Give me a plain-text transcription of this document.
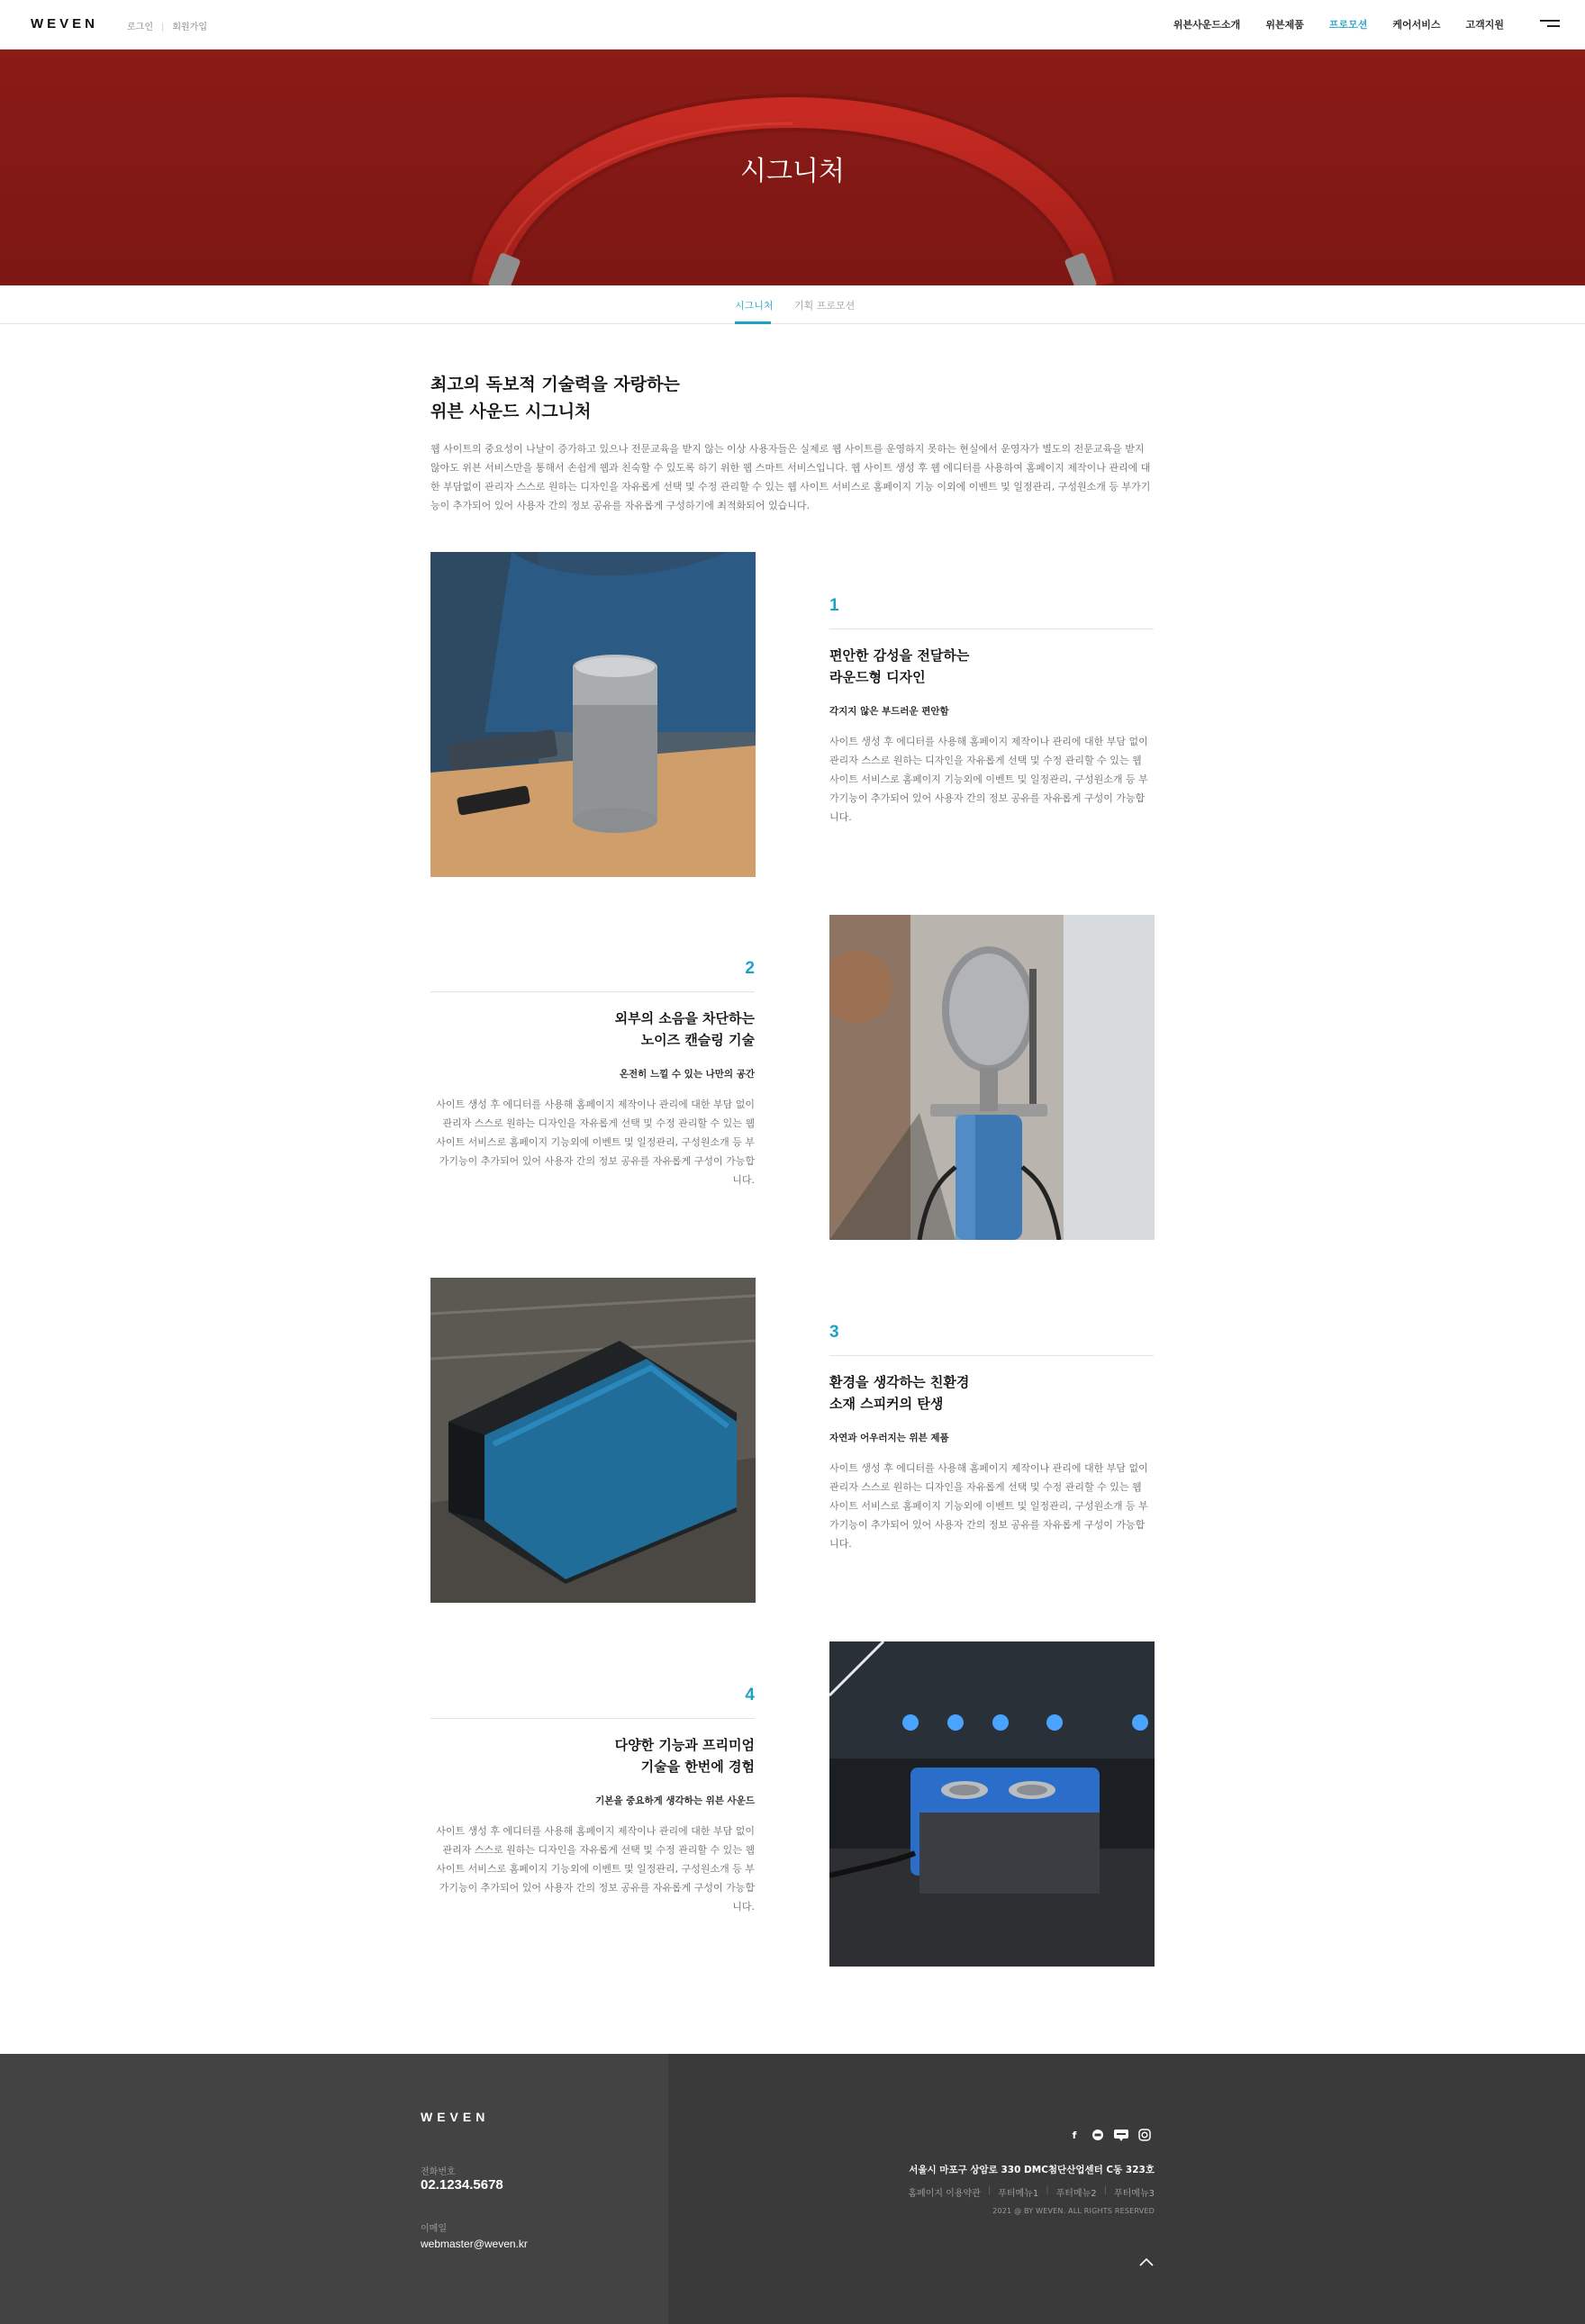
WEVEN	로그인 | 회원가입	위븐사운드소개	위븐제품	프로모션	케어서비스	고객지원
시그니처
시그니처 기획 프로모션
최고의 독보적 기술력을 자랑하는
위븐 사운드 시그니처

웹 사이트의 중요성이 나날이 증가하고 있으나 전문교육을 받지 않는 이상 사용자들은 실제로 웹 사이트를 운영하지 못하는 현실에서 운영자가 별도의 전문교육을 받지 않아도 위븐 서비스만을 통해서 손쉽게 웹과 친숙할 수 있도록 하기 위한 웹 스마트 서비스입니다. 웹 사이트 생성 후 웹 에디터를 사용하여 홈페이지 제작이나 관리에 대한 부담없이 관리자 스스로 원하는 디자인을 자유롭게 선택 및 수정 관리할 수 있는 웹 사이트 서비스로 홈페이지 기능 이외에 이벤트 및 일정관리, 구성원소개 등 부가기능이 추가되어 있어 사용자 간의 정보 공유를 자유롭게 구성하기에 최적화되어 있습니다.

1
편안한 감성을 전달하는
라운드형 디자인
각지지 않은 부드러운 편안함

사이트 생성 후 에디터를 사용해 홈페이지 제작이나 관리에 대한 부담 없이 관리자 스스로 원하는 디자인을 자유롭게 선택 및 수정 관리할 수 있는 웹 사이트 서비스로 홈페이지 기능외에 이벤트 및 일정관리, 구성원소개 등 부가기능이 추가되어 있어 사용자 간의 정보 공유를 자유롭게 구성이 가능합니다.

2
외부의 소음을 차단하는
노이즈 캔슬링 기술
온전히 느낄 수 있는 나만의 공간

사이트 생성 후 에디터를 사용해 홈페이지 제작이나 관리에 대한 부담 없이 관리자 스스로 원하는 디자인을 자유롭게 선택 및 수정 관리할 수 있는 웹 사이트 서비스로 홈페이지 기능외에 이벤트 및 일정관리, 구성원소개 등 부가기능이 추가되어 있어 사용자 간의 정보 공유를 자유롭게 구성이 가능합니다.

3
환경을 생각하는 친환경
소재 스피커의 탄생
자연과 어우러지는 위븐 제품

사이트 생성 후 에디터를 사용해 홈페이지 제작이나 관리에 대한 부담 없이 관리자 스스로 원하는 디자인을 자유롭게 선택 및 수정 관리할 수 있는 웹 사이트 서비스로 홈페이지 기능외에 이벤트 및 일정관리, 구성원소개 등 부가기능이 추가되어 있어 사용자 간의 정보 공유를 자유롭게 구성이 가능합니다.

4
다양한 기능과 프리미엄
기술을 한번에 경험
기본을 중요하게 생각하는 위븐 사운드

사이트 생성 후 에디터를 사용해 홈페이지 제작이나 관리에 대한 부담 없이 관리자 스스로 원하는 디자인을 자유롭게 선택 및 수정 관리할 수 있는 웹 사이트 서비스로 홈페이지 기능외에 이벤트 및 일정관리, 구성원소개 등 부가기능이 추가되어 있어 사용자 간의 정보 공유를 자유롭게 구성이 가능합니다.

WEVEN
전화번호
02.1234.5678
이메일
webmaster@weven.kr
f
서울시 마포구 상암로 330 DMC첨단산업센터 C동 323호
홈페이지 이용약관 | 푸터메뉴1 | 푸터메뉴2 | 푸터메뉴3
2021 @ BY WEVEN. ALL RIGHTS RESERVED
